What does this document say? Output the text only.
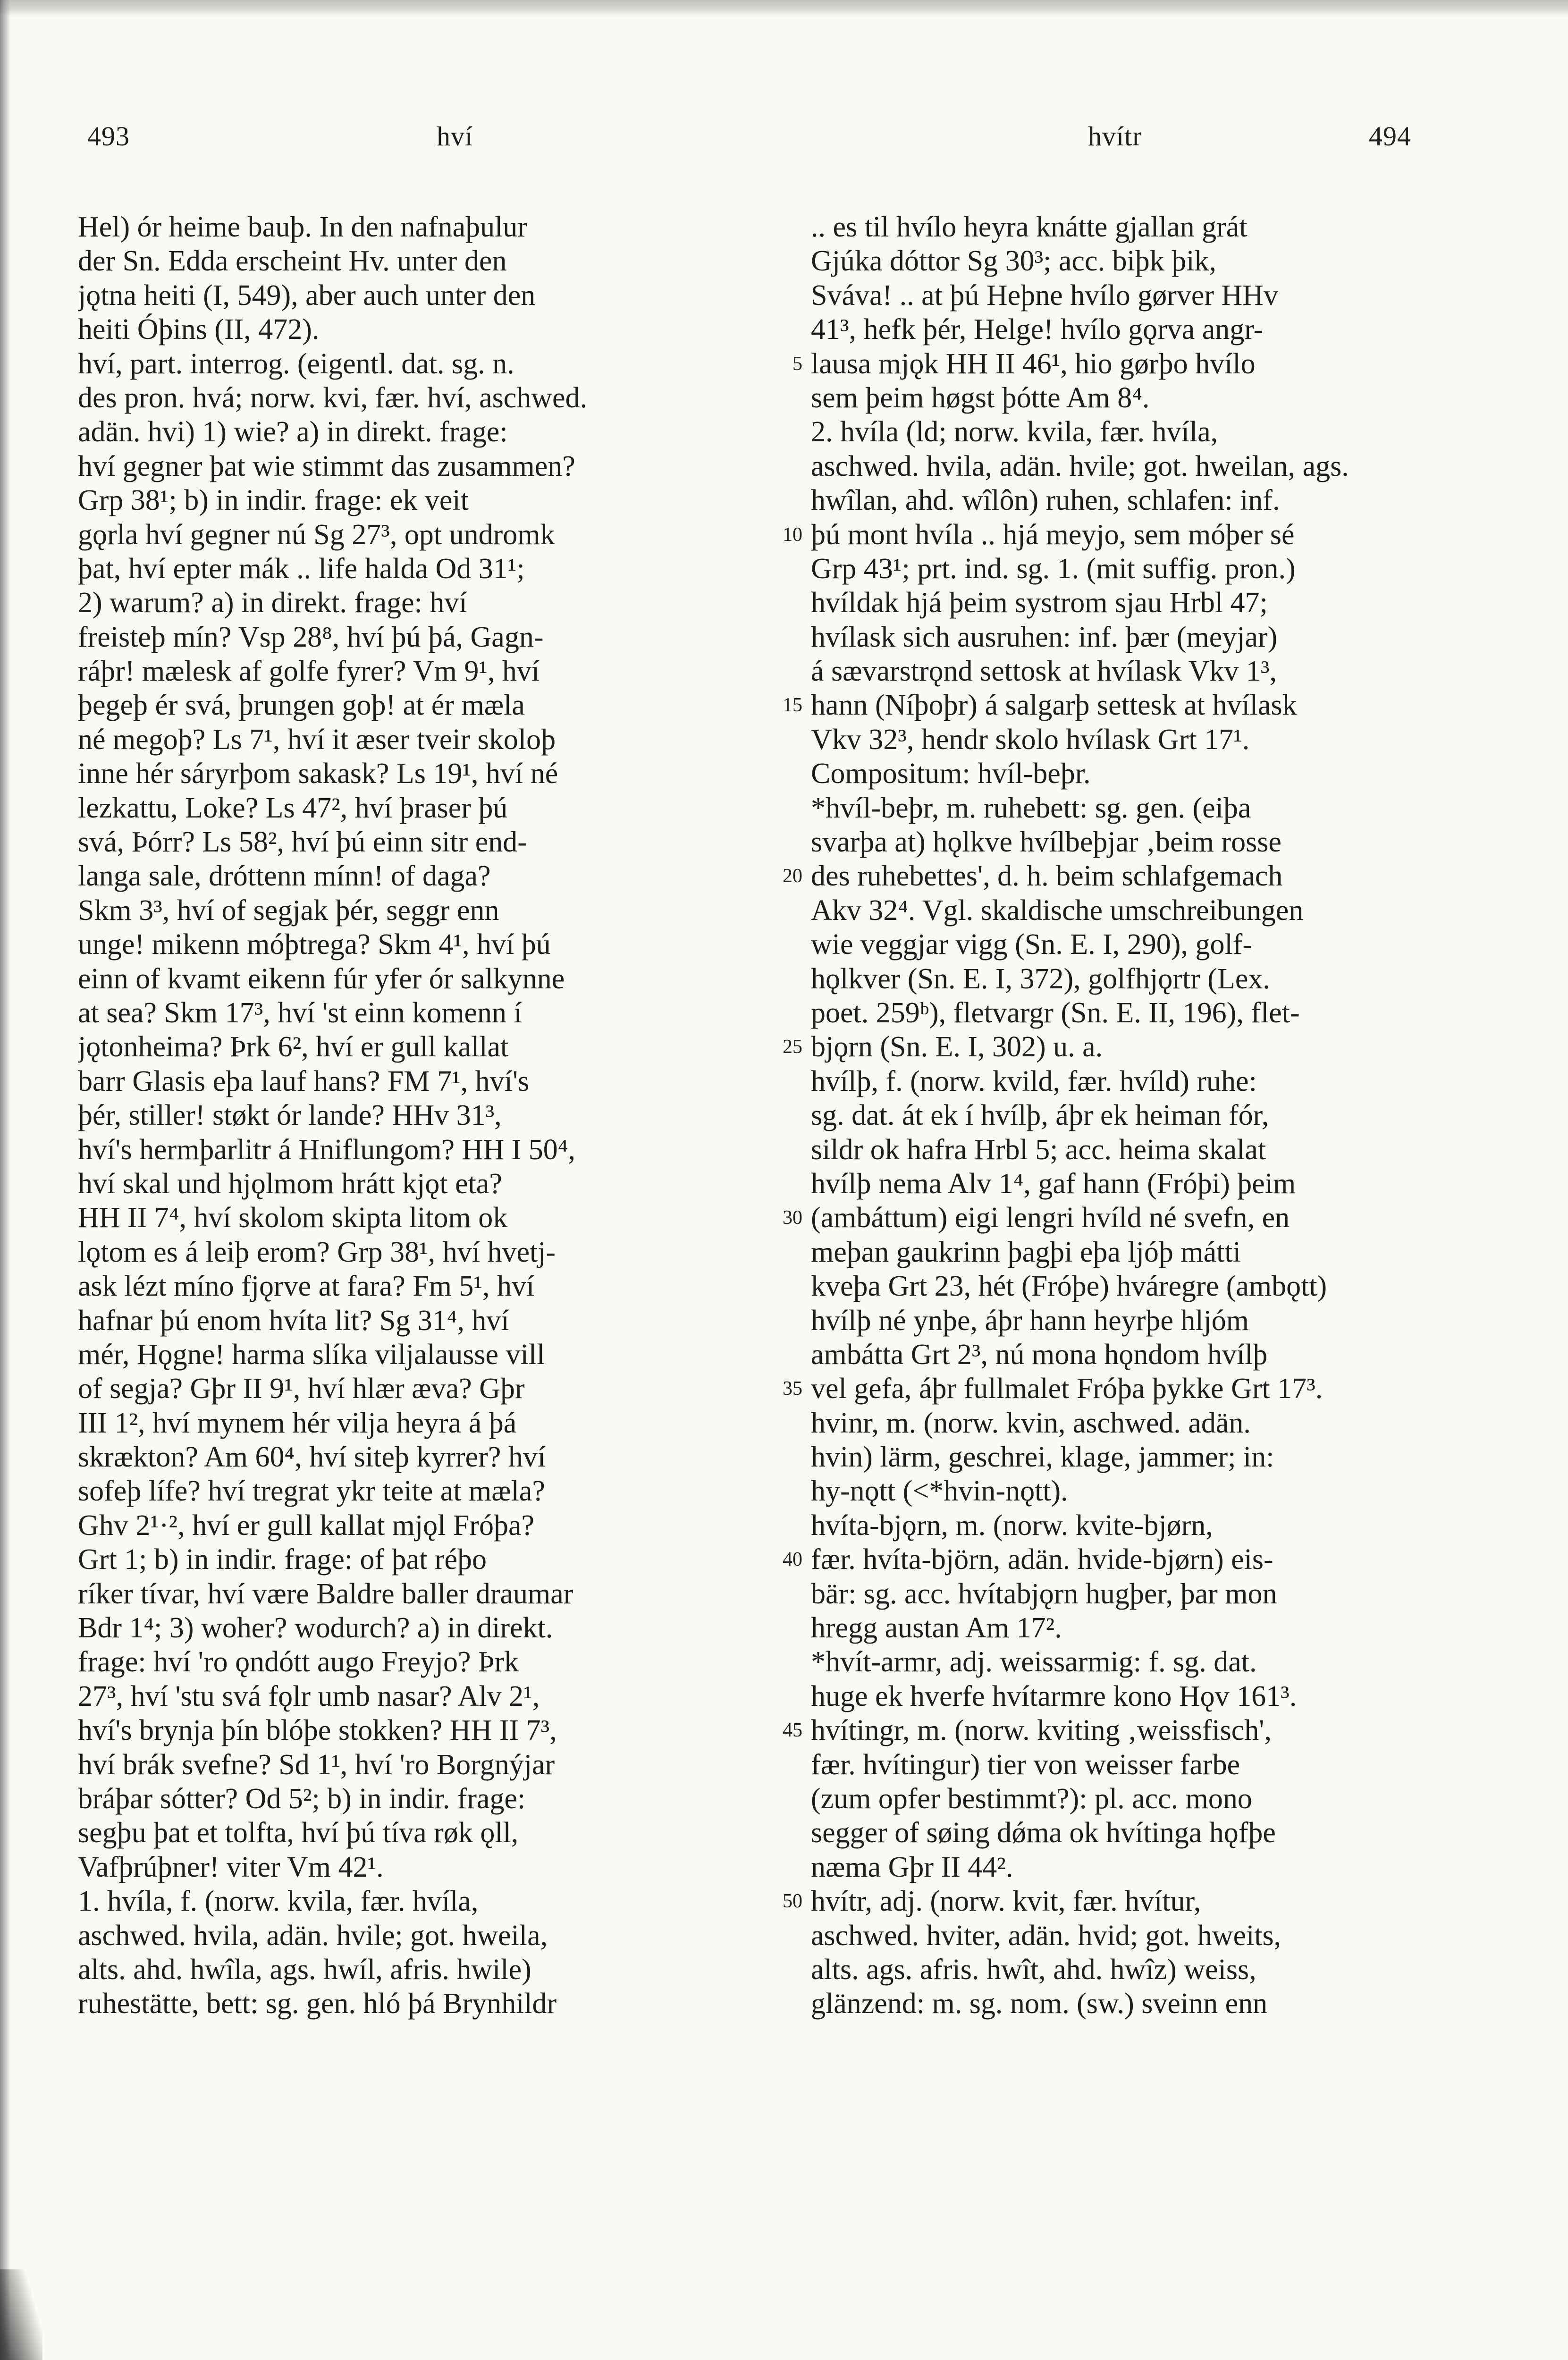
493	hví	hvítr	494
Hel) ór heime bauþ. In den nafnaþulur
der Sn. Edda erscheint Hv. unter den
jǫtna heiti (I, 549), aber auch unter den
heiti Óþins (II, 472).
hví, part. interrog. (eigentl. dat. sg. n.
des pron. hvá; norw. kvi, fær. hví, aschwed.
adän. hvi) 1) wie? a) in direkt. frage:
hví gegner þat wie stimmt das zusammen?
Grp 38¹; b) in indir. frage: ek veit
gǫrla hví gegner nú Sg 27³, opt undromk
þat, hví epter mák .. life halda Od 31¹;
2) warum? a) in direkt. frage: hví
freisteþ mín? Vsp 28⁸, hví þú þá, Gagn-
ráþr! mælesk af golfe fyrer? Vm 9¹, hví
þegeþ ér svá, þrungen goþ! at ér mæla
né megoþ? Ls 7¹, hví it æser tveir skoloþ
inne hér sáryrþom sakask? Ls 19¹, hví né
lezkattu, Loke? Ls 47², hví þraser þú
svá, Þórr? Ls 58², hví þú einn sitr end-
langa sale, dróttenn mínn! of daga?
Skm 3³, hví of segjak þér, seggr enn
unge! mikenn móþtrega? Skm 4¹, hví þú
einn of kvamt eikenn fúr yfer ór salkynne
at sea? Skm 17³, hví 'st einn komenn í
jǫtonheima? Þrk 6², hví er gull kallat
barr Glasis eþa lauf hans? FM 7¹, hví's
þér, stiller! støkt ór lande? HHv 31³,
hví's hermþarlitr á Hniflungom? HH I 50⁴,
hví skal und hjǫlmom hrátt kjǫt eta?
HH II 7⁴, hví skolom skipta litom ok
lǫtom es á leiþ erom? Grp 38¹, hví hvetj-
ask lézt míno fjǫrve at fara? Fm 5¹, hví
hafnar þú enom hvíta lit? Sg 31⁴, hví
mér, Hǫgne! harma slíka viljalausse vill
of segja? Gþr II 9¹, hví hlær æva? Gþr
III 1², hví mynem hér vilja heyra á þá
skrækton? Am 60⁴, hví siteþ kyrrer? hví
sofeþ lífe? hví tregrat ykr teite at mæla?
Ghv 2¹·², hví er gull kallat mjǫl Fróþa?
Grt 1; b) in indir. frage: of þat réþo
ríker tívar, hví være Baldre baller draumar
Bdr 1⁴; 3) woher? wodurch? a) in direkt.
frage: hví 'ro ǫndótt augo Freyjo? Þrk
27³, hví 'stu svá fǫlr umb nasar? Alv 2¹,
hví's brynja þín blóþe stokken? HH II 7³,
hví brák svefne? Sd 1¹, hví 'ro Borgnýjar
bráþar sótter? Od 5²; b) in indir. frage:
segþu þat et tolfta, hví þú tíva røk ǫll,
Vafþrúþner! viter Vm 42¹.
1. hvíla, f. (norw. kvila, fær. hvíla,
aschwed. hvila, adän. hvile; got. hweila,
alts. ahd. hwîla, ags. hwíl, afris. hwile)
ruhestätte, bett: sg. gen. hló þá Brynhildr
5
10
15
20
25
30
35
40
45
50
.. es til hvílo heyra knátte gjallan grát
Gjúka dóttor Sg 30³; acc. biþk þik,
Sváva! .. at þú Heþne hvílo gørver HHv
41³, hefk þér, Helge! hvílo gǫrva angr-
lausa mjǫk HH II 46¹, hio gørþo hvílo
sem þeim høgst þótte Am 8⁴.
2. hvíla (ld; norw. kvila, fær. hvíla,
aschwed. hvila, adän. hvile; got. hweilan, ags.
hwîlan, ahd. wîlôn) ruhen, schlafen: inf.
þú mont hvíla .. hjá meyjo, sem móþer sé
Grp 43¹; prt. ind. sg. 1. (mit suffig. pron.)
hvíldak hjá þeim systrom sjau Hrbl 47;
hvílask sich ausruhen: inf. þær (meyjar)
á sævarstrǫnd settosk at hvílask Vkv 1³,
hann (Níþoþr) á salgarþ settesk at hvílask
Vkv 32³, hendr skolo hvílask Grt 17¹.
Compositum: hvíl-beþr.
*hvíl-beþr, m. ruhebett: sg. gen. (eiþa
svarþa at) hǫlkve hvílbeþjar ‚beim rosse
des ruhebettes', d. h. beim schlafgemach
Akv 32⁴. Vgl. skaldische umschreibungen
wie veggjar vigg (Sn. E. I, 290), golf-
hǫlkver (Sn. E. I, 372), golfhjǫrtr (Lex.
poet. 259ᵇ), fletvargr (Sn. E. II, 196), flet-
bjǫrn (Sn. E. I, 302) u. a.
hvílþ, f. (norw. kvild, fær. hvíld) ruhe:
sg. dat. át ek í hvílþ, áþr ek heiman fór,
sildr ok hafra Hrbl 5; acc. heima skalat
hvílþ nema Alv 1⁴, gaf hann (Fróþi) þeim
(ambáttum) eigi lengri hvíld né svefn, en
meþan gaukrinn þagþi eþa ljóþ mátti
kveþa Grt 23, hét (Fróþe) hváregre (ambǫtt)
hvílþ né ynþe, áþr hann heyrþe hljóm
ambátta Grt 2³, nú mona hǫndom hvílþ
vel gefa, áþr fullmalet Fróþa þykke Grt 17³.
hvinr, m. (norw. kvin, aschwed. adän.
hvin) lärm, geschrei, klage, jammer; in:
hy-nǫtt (<*hvin-nǫtt).
hvíta-bjǫrn, m. (norw. kvite-bjørn,
fær. hvíta-björn, adän. hvide-bjørn) eis-
bär: sg. acc. hvítabjǫrn hugþer, þar mon
hregg austan Am 17².
*hvít-armr, adj. weissarmig: f. sg. dat.
huge ek hverfe hvítarmre kono Hǫv 161³.
hvítingr, m. (norw. kviting ‚weissfisch',
fær. hvítingur) tier von weisser farbe
(zum opfer bestimmt?): pl. acc. mono
segger of søing dǿma ok hvítinga hǫfþe
næma Gþr II 44².
hvítr, adj. (norw. kvit, fær. hvítur,
aschwed. hviter, adän. hvid; got. hweits,
alts. ags. afris. hwît, ahd. hwîz) weiss,
glänzend: m. sg. nom. (sw.) sveinn enn
